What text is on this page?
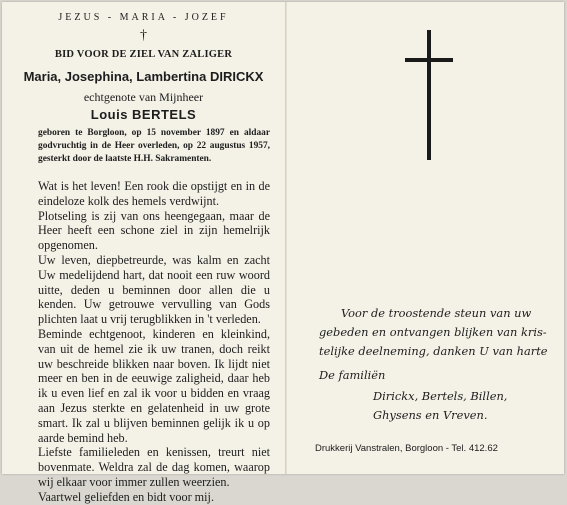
JEZUS - MARIA - JOZEF
†
BID VOOR DE ZIEL VAN ZALIGER
Maria, Josephina, Lambertina DIRICKX
echtgenote van Mijnheer
Louis BERTELS
geboren te Borgloon, op 15 november 1897 en aldaar godvruchtig in de Heer overleden, op 22 augustus 1957, gesterkt door de laatste H.H. Sakramenten.

Wat is het leven! Een rook die opstijgt en in de eindeloze kolk des hemels verdwijnt.

Plotseling is zij van ons heengegaan, maar de Heer heeft een schone ziel in zijn hemelrijk opgenomen.

Uw leven, diepbetreurde, was kalm en zacht Uw medelijdend hart, dat nooit een ruw woord uitte, deden u beminnen door allen die u kenden. Uw getrouwe vervulling van Gods plichten laat u vrij terugblikken in 't verleden.

Beminde echtgenoot, kinderen en kleinkind, van uit de hemel zie ik uw tranen, doch reikt uw beschreide blikken naar boven. Ik lijdt niet meer en ben in de eeuwige zaligheid, daar heb ik u even lief en zal ik voor u bidden en vraag aan Jezus sterkte en gelatenheid in uw grote smart. Ik zal u blijven beminnen gelijk ik u op aarde bemind heb.

Liefste familieleden en kenissen, treurt niet bovenmate. Weldra zal de dag komen, waarop wij elkaar voor immer zullen weerzien.

Vaartwel geliefden en bidt voor mij.

Voor de troostende steun van uw
gebeden en ontvangen blijken van kris-
telijke deelneming, danken U van harte
De familiën
Dirickx, Bertels, Billen,
Ghysens en Vreven.
Drukkerij Vanstralen, Borgloon - Tel. 412.62
